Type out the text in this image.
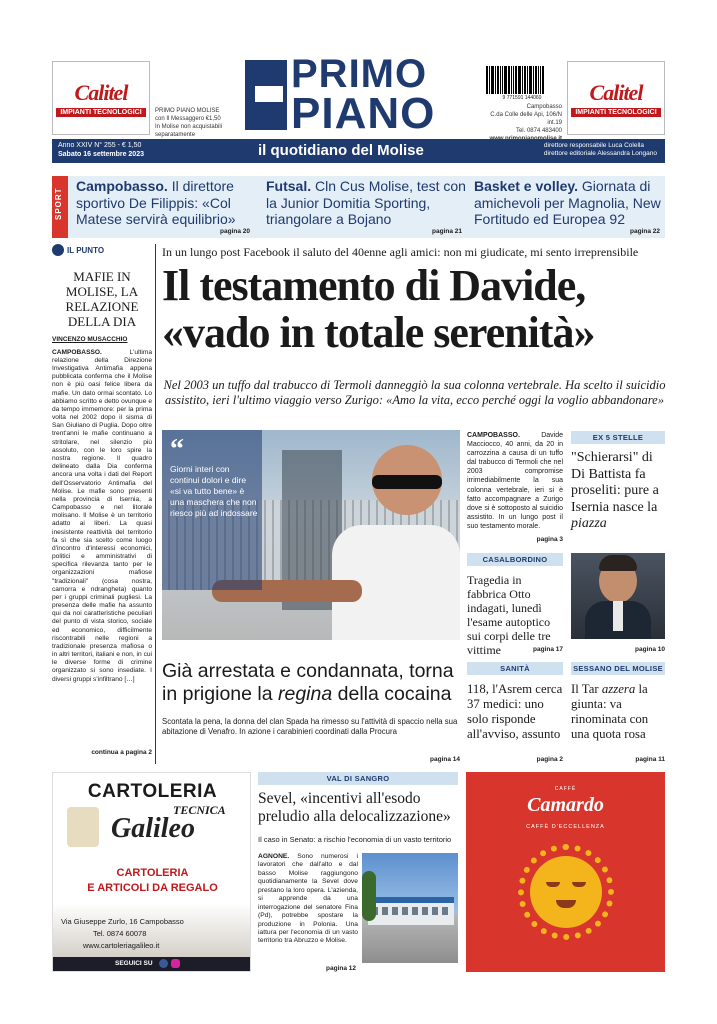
Calitel
IMPIANTI TECNOLOGICI	PRIMO PIANO MOLISE
con Il Messaggero €1,50
In Molise non acquistabili
separatamente
PRIMO
PIANO
molise
9 771591 144060
Campobasso
C.da Colle delle Api, 106/N int.19
Tel. 0874 483400
Calitel
IMPIANTI TECNOLOGICI
Anno XXIV N° 255 - € 1,50
Sabato 16 settembre 2023	il quotidiano del Molise	direttore responsabile Luca Colella
direttore editoriale Alessandra Longano
SPORT
Campobasso. Il direttore sportivo De Filippis: «Col Matese servirà equilibrio»
pagina 20
Futsal. Cln Cus Molise, test con la Junior Domitia Sporting, triangolare a Bojano
pagina 21
Basket e volley. Giornata di amichevoli per Magnolia, New Fortitudo ed Europea 92
pagina 22
IL PUNTO
MAFIE IN MOLISE, LA RELAZIONE DELLA DIA
VINCENZO MUSACCHIO
CAMPOBASSO. L'ultima relazione della Direzione Investigativa Antimafia appena pubblicata conferma che il Molise non è più oasi felice libera da mafie. Un dato ormai scontato. Lo abbiamo scritto e detto ovunque e da tempo immemore: per la prima volta nel 2002 dopo il sisma di San Giuliano di Puglia. Dopo oltre trent'anni le mafie continuano a stritolare, nel silenzio più assoluto, con le loro spire la nostra regione. Il quadro delineato dalla Dia conferma ancora una volta i dati del Report dell'Osservatorio Antimafia del Molise. Le mafie sono presenti nella provincia di Isernia, a Campobasso e nel litorale molisano. Il Molise è un territorio adatto ai liberi. La quasi inesistente reattività del territorio fa sì che sia scelto come luogo d'incontro d'interessi economici, politici e amministrativi di specifica rilevanza tanto per le organizzazioni mafiose "tradizionali" (cosa nostra, camorra e ndrangheta) quanto per i gruppi criminali pugliesi. La presenza delle mafie ha assunto qui da noi caratteristiche peculiari del punto di vista storico, sociale ed economico, difficilmente riscontrabili nelle regioni a tradizionale presenza mafiosa o in altri territori, italiani e non, in cui le diverse forme di crimine organizzato si sono insediate. I diversi gruppi s'infiltrano […]
continua a pagina 2
In un lungo post Facebook il saluto del 40enne agli amici: non mi giudicate, mi sento irreprensibile
Il testamento di Davide,
«vado in totale serenità»
Nel 2003 un tuffo dal trabucco di Termoli danneggiò la sua colonna vertebrale. Ha scelto il suicidio assistito, ieri l'ultimo viaggio verso Zurigo: «Amo la vita, ecco perché oggi la voglio abbandonare»
“
Giorni interi con continui dolori e dire «si va tutto bene» è una maschera che non riesco più ad indossare
CAMPOBASSO. Davide Macciocco, 40 anni, da 20 in carrozzina a causa di un tuffo dal trabucco di Termoli che nel 2003 compromise irrimediabilmente la sua colonna vertebrale, ieri si è fatto accompagnare a Zurigo dove si è sottoposto al suicidio assistito. In un lungo post il suo testamento morale.
pagina 3
CASALBORDINO
Tragedia in fabbrica Otto indagati, lunedì l'esame autoptico sui corpi delle tre vittime	pagina 17
EX 5 STELLE
"Schierarsi" di Di Battista fa proseliti: pure a Isernia nasce la piazza
pagina 10
Già arrestata e condannata, torna in prigione la regina della cocaina
Scontata la pena, la donna del clan Spada ha rimesso su l'attività di spaccio nella sua abitazione di Venafro. In azione i carabinieri coordinati dalla Procura
pagina 14
SANITÀ
118, l'Asrem cerca 37 medici: uno solo risponde all'avviso, assunto
pagina 2
SESSANO DEL MOLISE
Il Tar azzera la giunta: va rinominata con una quota rosa
pagina 11
CARTOLERIA
TECNICA
Galileo
CARTOLERIA
E ARTICOLI DA REGALO
Via Giuseppe Zurlo, 16 Campobasso
Tel. 0874 60078
www.cartoleriagalileo.it
SEGUICI SU
VAL DI SANGRO
Sevel, «incentivi all'esodo preludio alla delocalizzazione»
Il caso in Senato: a rischio l'economia di un vasto territorio
AGNONE. Sono numerosi i lavoratori che dall'alto e dal basso Molise raggiungono quotidianamente la Sevel dove prestano la loro opera. L'azienda, si apprende da una interrogazione del senatore Fina (Pd), potrebbe spostare la produzione in Polonia. Una iattura per l'economia di un vasto territorio tra Abruzzo e Molise.
pagina 12
CAFFÈ
Camardo
CAFFÈ D'ECCELLENZA
